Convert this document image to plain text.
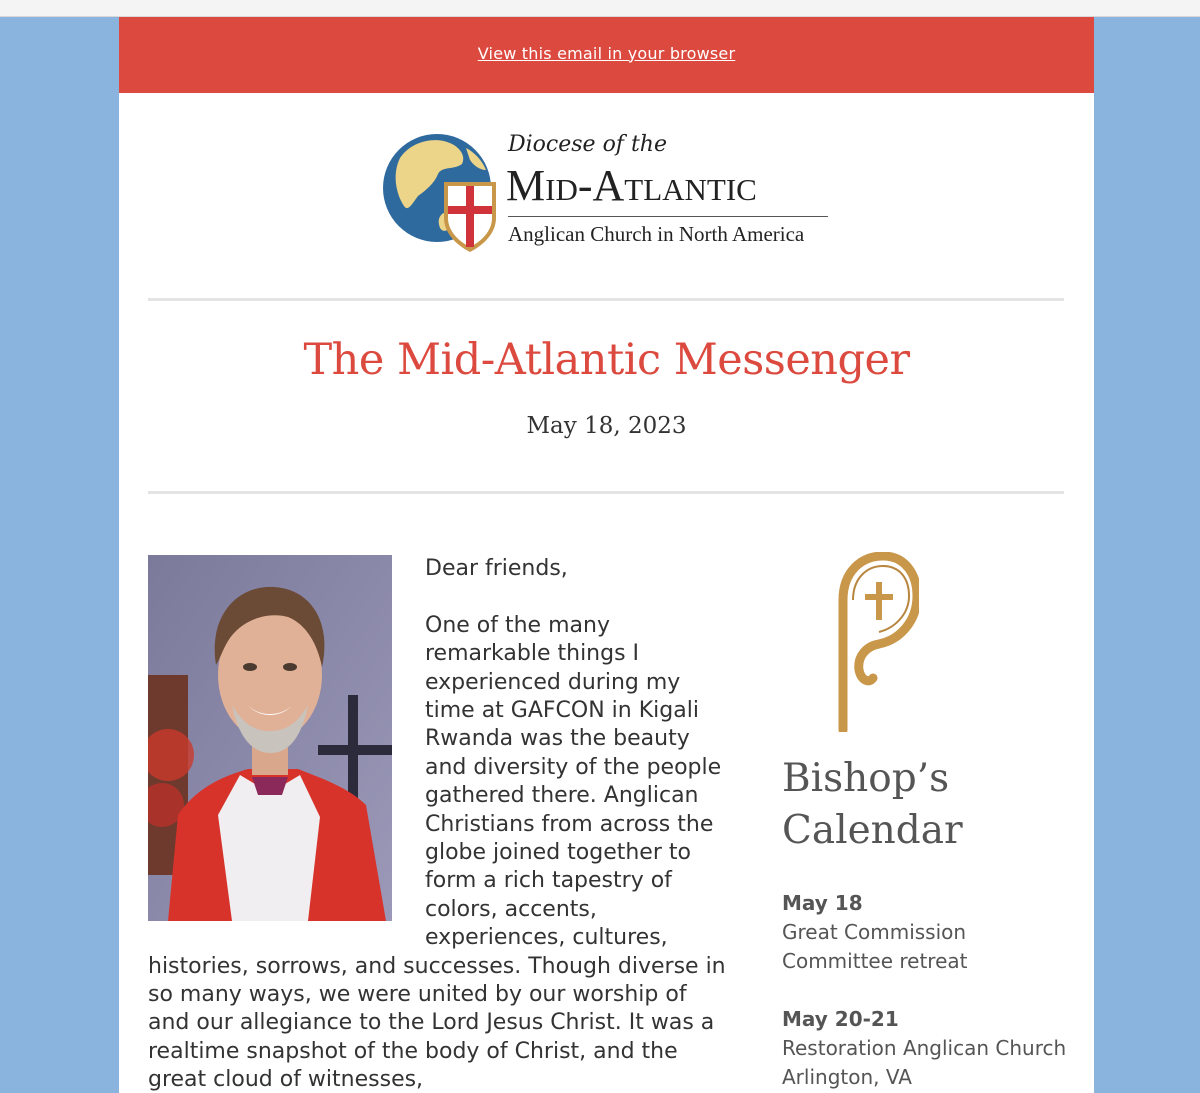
View this email in your browser
Diocese of the
Mid-Atlantic
Anglican Church in North America
The Mid-Atlantic Messenger
May 18, 2023

Dear friends,

One of the many remarkable things I experienced during my time at GAFCON in Kigali Rwanda was the beauty and diversity of the people gathered there. Anglican Christians from across the globe joined together to form a rich tapestry of colors, accents, experiences, cultures, histories, sorrows, and successes. Though diverse in so many ways, we were united by our worship of and our allegiance to the Lord Jesus Christ. It was a realtime snapshot of the body of Christ, and the great cloud of witnesses,

Bishop’s Calendar
May 18
Great Commission
Committee retreat
May 20-21
Restoration Anglican Church
Arlington, VA
